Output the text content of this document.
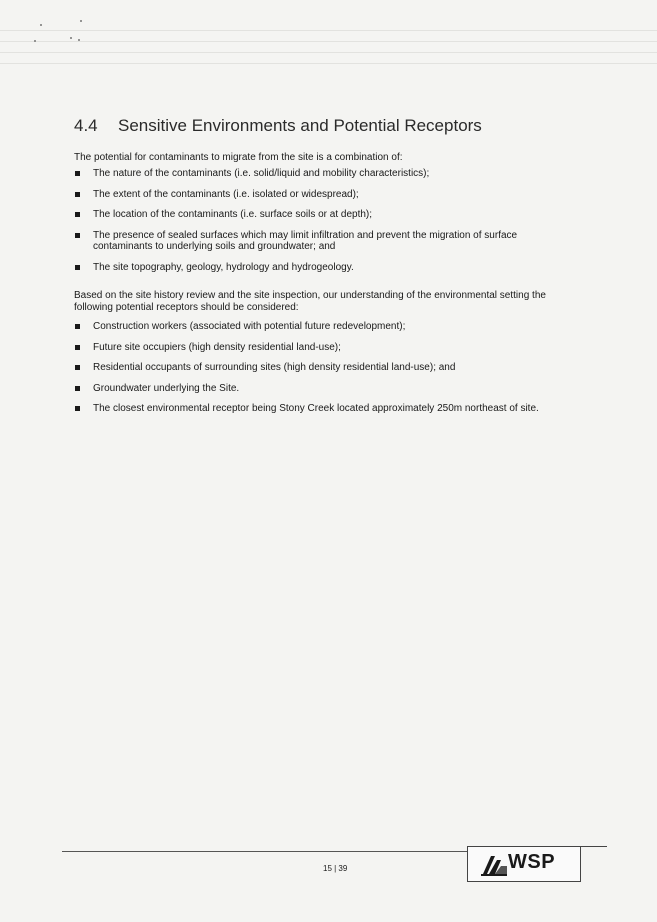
4.4 Sensitive Environments and Potential Receptors
The potential for contaminants to migrate from the site is a combination of:
The nature of the contaminants (i.e. solid/liquid and mobility characteristics);
The extent of the contaminants (i.e. isolated or widespread);
The location of the contaminants (i.e. surface soils or at depth);
The presence of sealed surfaces which may limit infiltration and prevent the migration of surface contaminants to underlying soils and groundwater; and
The site topography, geology, hydrology and hydrogeology.
Based on the site history review and the site inspection, our understanding of the environmental setting the following potential receptors should be considered:
Construction workers (associated with potential future redevelopment);
Future site occupiers (high density residential land-use);
Residential occupants of surrounding sites (high density residential land-use); and
Groundwater underlying the Site.
The closest environmental receptor being Stony Creek located approximately 250m northeast of site.
15 | 39	WSP
